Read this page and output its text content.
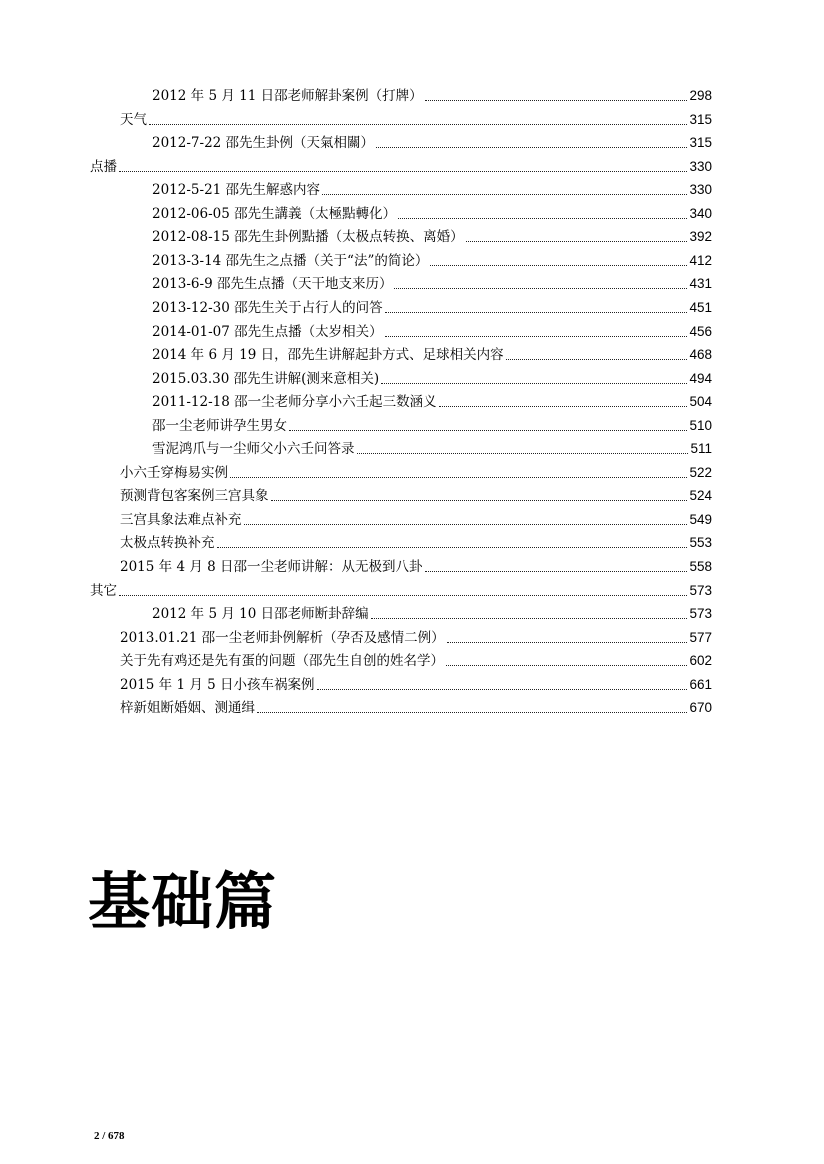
2012 年 5 月 11 日邵老师解卦案例（打牌）	298
天气	315
2012-7-22 邵先生卦例（天氣相關）	315
点播	330
2012-5-21 邵先生解惑内容	330
2012-06-05 邵先生講義（太極點轉化）	340
2012-08-15 邵先生卦例點播（太极点转换、离婚）	392
2013-3-14 邵先生之点播（关于“法”的简论）	412
2013-6-9 邵先生点播（天干地支来历）	431
2013-12-30 邵先生关于占行人的问答	451
2014-01-07 邵先生点播（太岁相关）	456
2014 年 6 月 19 日，邵先生讲解起卦方式、足球相关内容	468
2015.03.30 邵先生讲解(测来意相关)	494
2011-12-18 邵一尘老师分享小六壬起三数涵义	504
邵一尘老师讲孕生男女	510
雪泥鸿爪与一尘师父小六壬问答录	511
小六壬穿梅易实例	522
预测背包客案例三宫具象	524
三宫具象法难点补充	549
太极点转换补充	553
2015 年 4 月 8 日邵一尘老师讲解：从无极到八卦	558
其它	573
2012 年 5 月 10 日邵老师断卦辞编	573
2013.01.21 邵一尘老师卦例解析（孕否及感情二例）	577
关于先有鸡还是先有蛋的问题（邵先生自创的姓名学）	602
2015 年 1 月 5 日小孩车祸案例	661
梓新姐断婚姻、测通缉	670
基础篇
2 / 678
